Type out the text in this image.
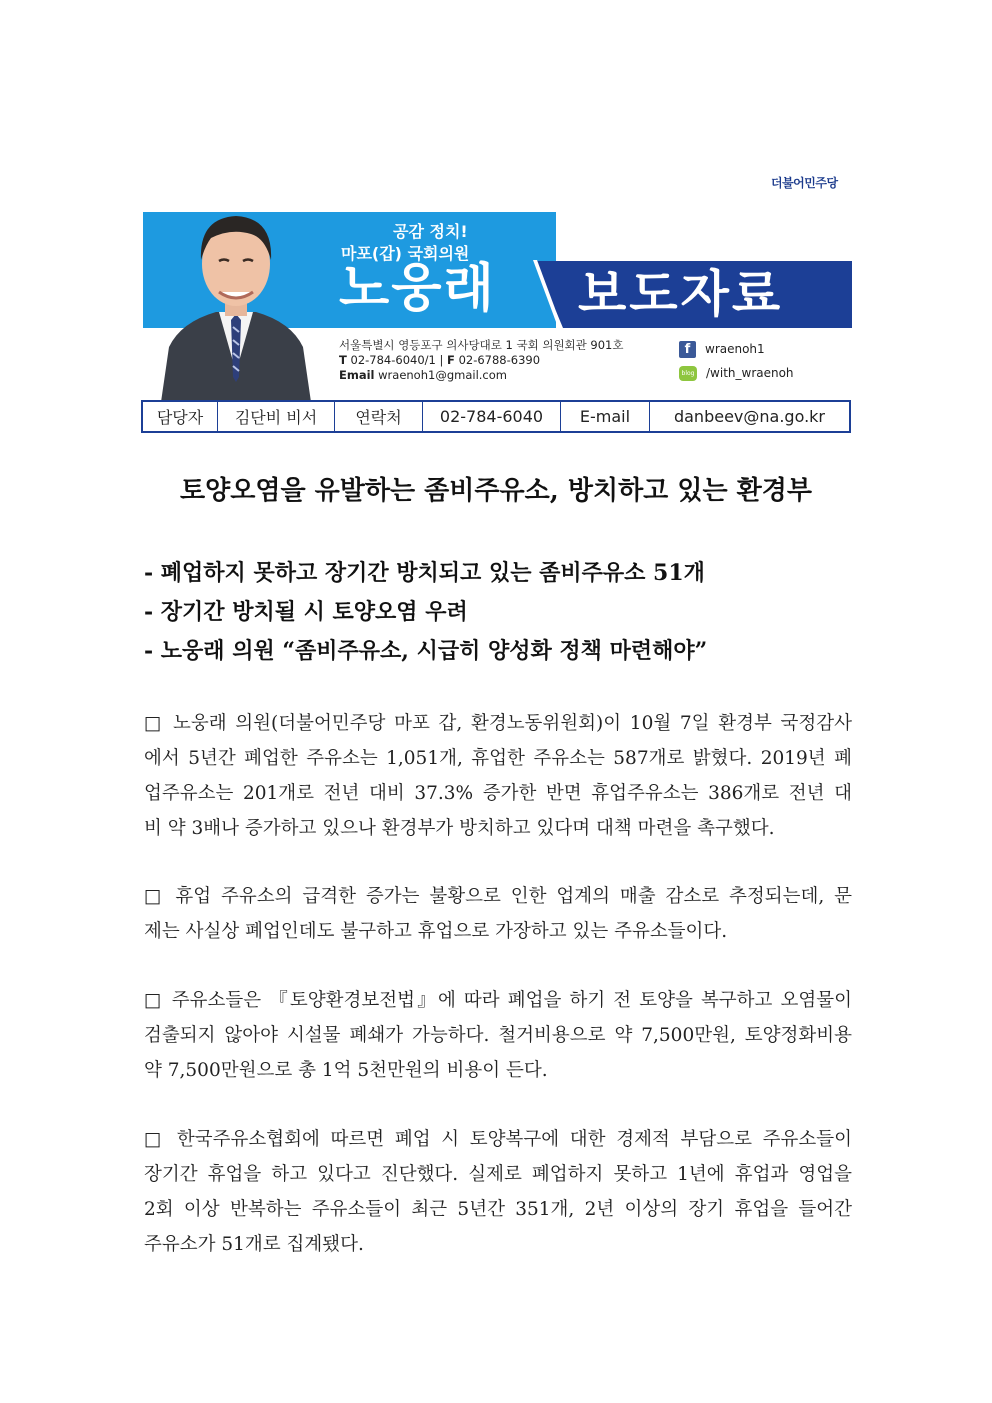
더불어민주당
공감 정치!
마포(갑) 국회의원
노웅래 보도자료
서울특별시 영등포구 의사당대로 1 국회 의원회관 901호
T 02-784-6040/1 | F 02-6788-6390
Email wraenoh1@gmail.com
f	wraenoh1
blog /with_wraenoh
담당자	김단비 비서	연락처	02-784-6040	E-mail	danbeev@na.go.kr
토양오염을 유발하는 좀비주유소, 방치하고 있는 환경부
- 폐업하지 못하고 장기간 방치되고 있는 좀비주유소 51개
- 장기간 방치될 시 토양오염 우려
- 노웅래 의원 “좀비주유소, 시급히 양성화 정책 마련해야”
□ 노웅래 의원(더불어민주당 마포 갑, 환경노동위원회)이 10월 7일 환경부 국정감사
에서 5년간 폐업한 주유소는 1,051개, 휴업한 주유소는 587개로 밝혔다. 2019년 폐
업주유소는 201개로 전년 대비 37.3% 증가한 반면 휴업주유소는 386개로 전년 대
비 약 3배나 증가하고 있으나 환경부가 방치하고 있다며 대책 마련을 촉구했다.
□ 휴업 주유소의 급격한 증가는 불황으로 인한 업계의 매출 감소로 추정되는데, 문
제는 사실상 폐업인데도 불구하고 휴업으로 가장하고 있는 주유소들이다.
□ 주유소들은 『토양환경보전법』에 따라 폐업을 하기 전 토양을 복구하고 오염물이
검출되지 않아야 시설물 폐쇄가 가능하다. 철거비용으로 약 7,500만원, 토양정화비용
약 7,500만원으로 총 1억 5천만원의 비용이 든다.
□ 한국주유소협회에 따르면 폐업 시 토양복구에 대한 경제적 부담으로 주유소들이
장기간 휴업을 하고 있다고 진단했다. 실제로 폐업하지 못하고 1년에 휴업과 영업을
2회 이상 반복하는 주유소들이 최근 5년간 351개, 2년 이상의 장기 휴업을 들어간
주유소가 51개로 집계됐다.
